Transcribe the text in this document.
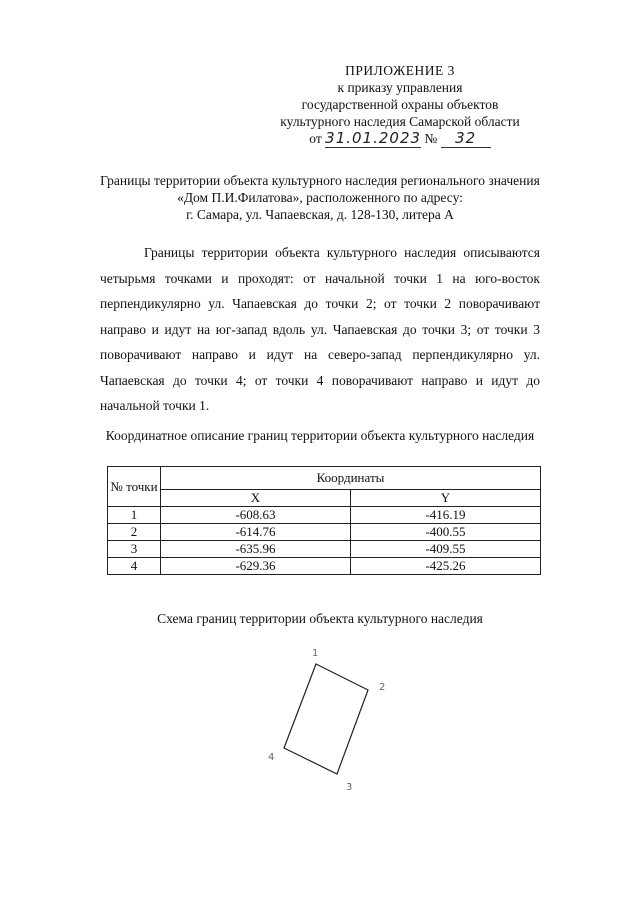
ПРИЛОЖЕНИЕ 3
к приказу управления
государственной охраны объектов
культурного наследия Самарской области
от 31.01.2023 № 32
Границы территории объекта культурного наследия регионального значения
«Дом П.И.Филатова», расположенного по адресу:
г. Самара, ул. Чапаевская, д. 128-130, литера А
Границы территории объекта культурного наследия описываются четырьмя точками и проходят: от начальной точки 1 на юго-восток перпендикулярно ул. Чапаевская до точки 2; от точки 2 поворачивают направо и идут на юг-запад вдоль ул. Чапаевская до точки 3; от точки 3 поворачивают направо и идут на северо-запад перпендикулярно ул. Чапаевская до точки 4; от точки 4 поворачивают направо и идут до начальной точки 1.
Координатное описание границ территории объекта культурного наследия
№ точки	Координаты	
	X	Y
1	-608.63	-416.19
2	-614.76	-400.55
3	-635.96	-409.55
4	-629.36	-425.26
Схема границ территории объекта культурного наследия
1
2
3
4
